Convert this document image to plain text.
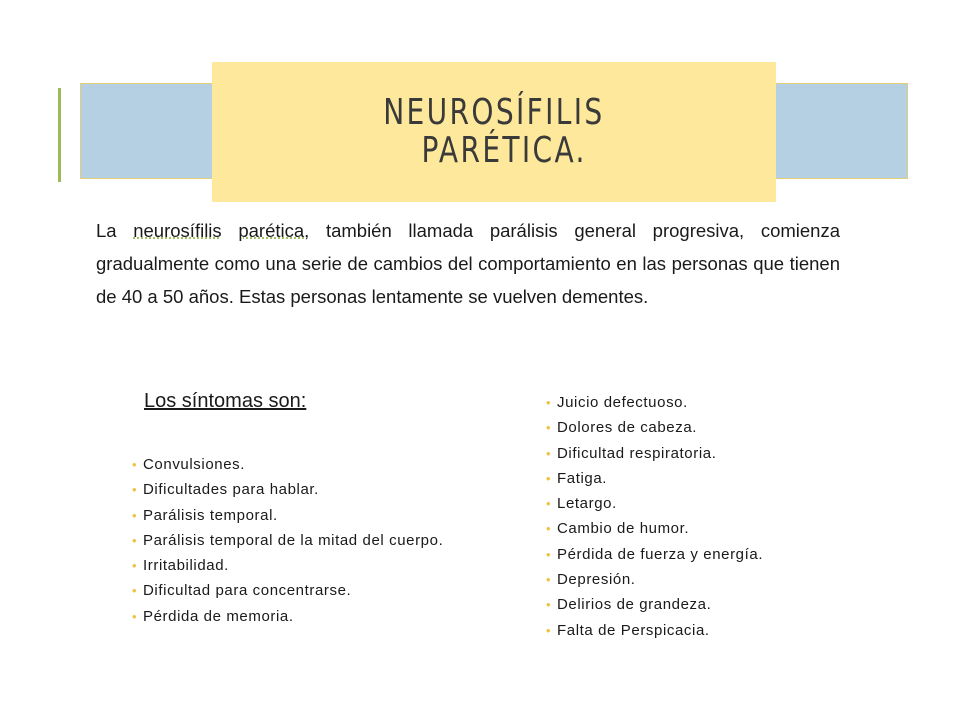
NEUROSÍFILIS
PARÉTICA.

La neurosífilis parética, también llamada parálisis general progresiva, comienza gradualmente como una serie de cambios del comportamiento en las personas que tienen de 40 a 50 años. Estas personas lentamente se vuelven dementes.

Los síntomas son:

• Convulsiones.
• Dificultades para hablar.
• Parálisis temporal.
• Parálisis temporal de la mitad del cuerpo.
• Irritabilidad.
• Dificultad para concentrarse.
• Pérdida de memoria.
• Juicio defectuoso.
• Dolores de cabeza.
• Dificultad respiratoria.
• Fatiga.
• Letargo.
• Cambio de humor.
• Pérdida de fuerza y energía.
• Depresión.
• Delirios de grandeza.
• Falta de Perspicacia.
